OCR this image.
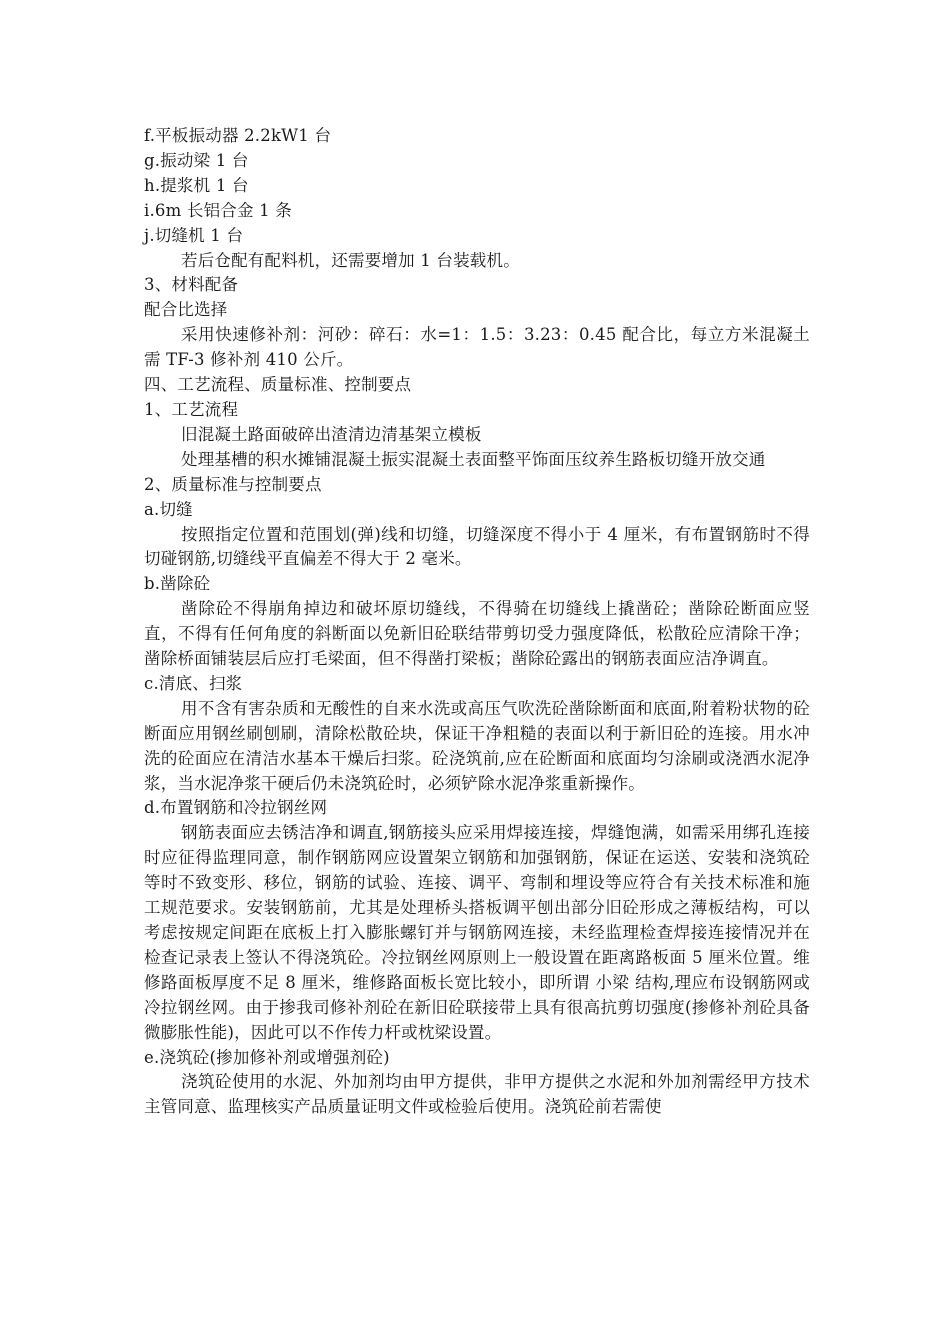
f.平板振动器 2.2kW1 台
g.振动梁 1 台
h.提浆机 1 台
i.6m 长铝合金 1 条
j.切缝机 1 台
若后仓配有配料机，还需要增加 1 台装载机。
3、材料配备
配合比选择
采用快速修补剂：河砂：碎石：水=1：1.5：3.23：0.45 配合比，每立方米混凝土需 TF-3 修补剂 410 公斤。
四、工艺流程、质量标准、控制要点
1、工艺流程
旧混凝土路面破碎出渣清边清基架立模板
处理基槽的积水摊铺混凝土振实混凝土表面整平饰面压纹养生路板切缝开放交通
2、质量标准与控制要点
a.切缝
按照指定位置和范围划(弹)线和切缝，切缝深度不得小于 4 厘米，有布置钢筋时不得切碰钢筋,切缝线平直偏差不得大于 2 毫米。
b.凿除砼
凿除砼不得崩角掉边和破坏原切缝线，不得骑在切缝线上撬凿砼；凿除砼断面应竖直，不得有任何角度的斜断面以免新旧砼联结带剪切受力强度降低，松散砼应清除干净；凿除桥面铺装层后应打毛梁面，但不得凿打梁板；凿除砼露出的钢筋表面应洁净调直。
c.清底、扫浆
用不含有害杂质和无酸性的自来水洗或高压气吹洗砼凿除断面和底面,附着粉状物的砼断面应用钢丝刷刨刷，清除松散砼块，保证干净粗糙的表面以利于新旧砼的连接。用水冲洗的砼面应在清洁水基本干燥后扫浆。砼浇筑前,应在砼断面和底面均匀涂刷或浇洒水泥净浆，当水泥净浆干硬后仍未浇筑砼时，必须铲除水泥净浆重新操作。
d.布置钢筋和冷拉钢丝网
钢筋表面应去锈洁净和调直,钢筋接头应采用焊接连接，焊缝饱满，如需采用绑孔连接时应征得监理同意，制作钢筋网应设置架立钢筋和加强钢筋，保证在运送、安装和浇筑砼等时不致变形、移位，钢筋的试验、连接、调平、弯制和埋设等应符合有关技术标准和施工规范要求。安装钢筋前，尤其是处理桥头搭板调平刨出部分旧砼形成之薄板结构，可以考虑按规定间距在底板上打入膨胀螺钉并与钢筋网连接，未经监理检查焊接连接情况并在检查记录表上签认不得浇筑砼。冷拉钢丝网原则上一般设置在距离路板面 5 厘米位置。维修路面板厚度不足 8 厘米，维修路面板长宽比较小，即所谓 小梁 结构,理应布设钢筋网或冷拉钢丝网。由于掺我司修补剂砼在新旧砼联接带上具有很高抗剪切强度(掺修补剂砼具备微膨胀性能)，因此可以不作传力杆或枕梁设置。
e.浇筑砼(掺加修补剂或增强剂砼)
浇筑砼使用的水泥、外加剂均由甲方提供，非甲方提供之水泥和外加剂需经甲方技术主管同意、监理核实产品质量证明文件或检验后使用。浇筑砼前若需使
